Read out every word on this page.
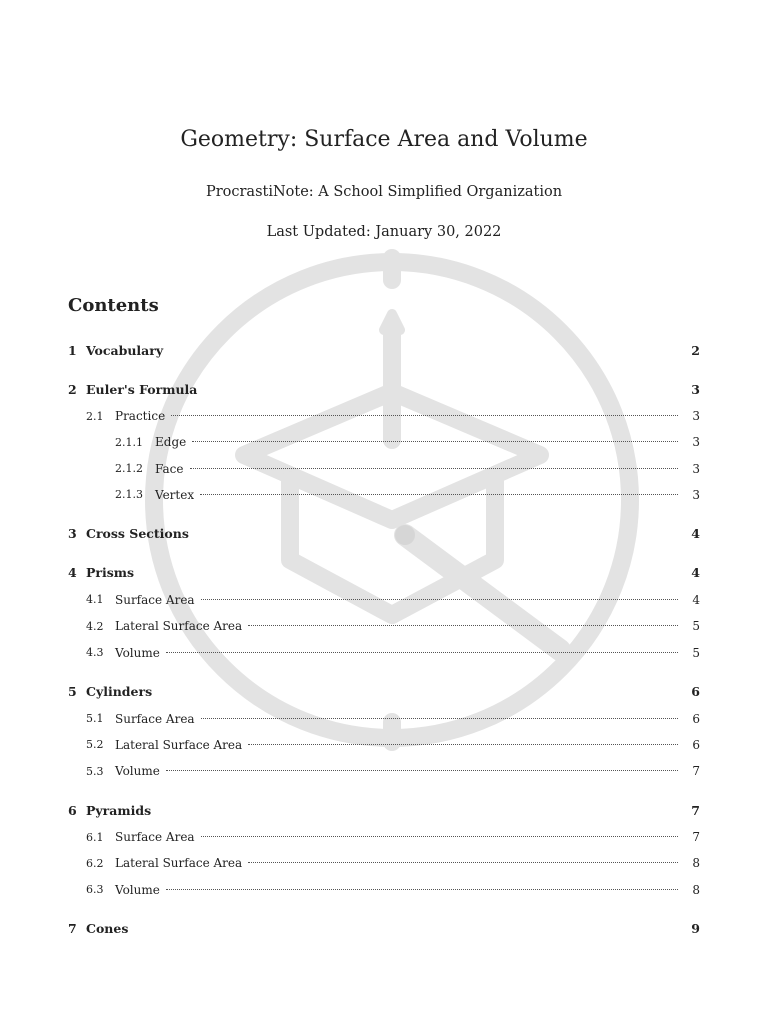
Geometry: Surface Area and Volume
ProcrastiNote: A School Simplified Organization
Last Updated: January 30, 2022
Contents
1 Vocabulary	2
2 Euler's Formula	3
2.1 Practice	3
2.1.1 Edge	3
2.1.2 Face	3
2.1.3 Vertex	3
3 Cross Sections	4
4 Prisms	4
4.1 Surface Area	4
4.2 Lateral Surface Area	5
4.3 Volume	5
5 Cylinders	6
5.1 Surface Area	6
5.2 Lateral Surface Area	6
5.3 Volume	7
6 Pyramids	7
6.1 Surface Area	7
6.2 Lateral Surface Area	8
6.3 Volume	8
7 Cones	9
